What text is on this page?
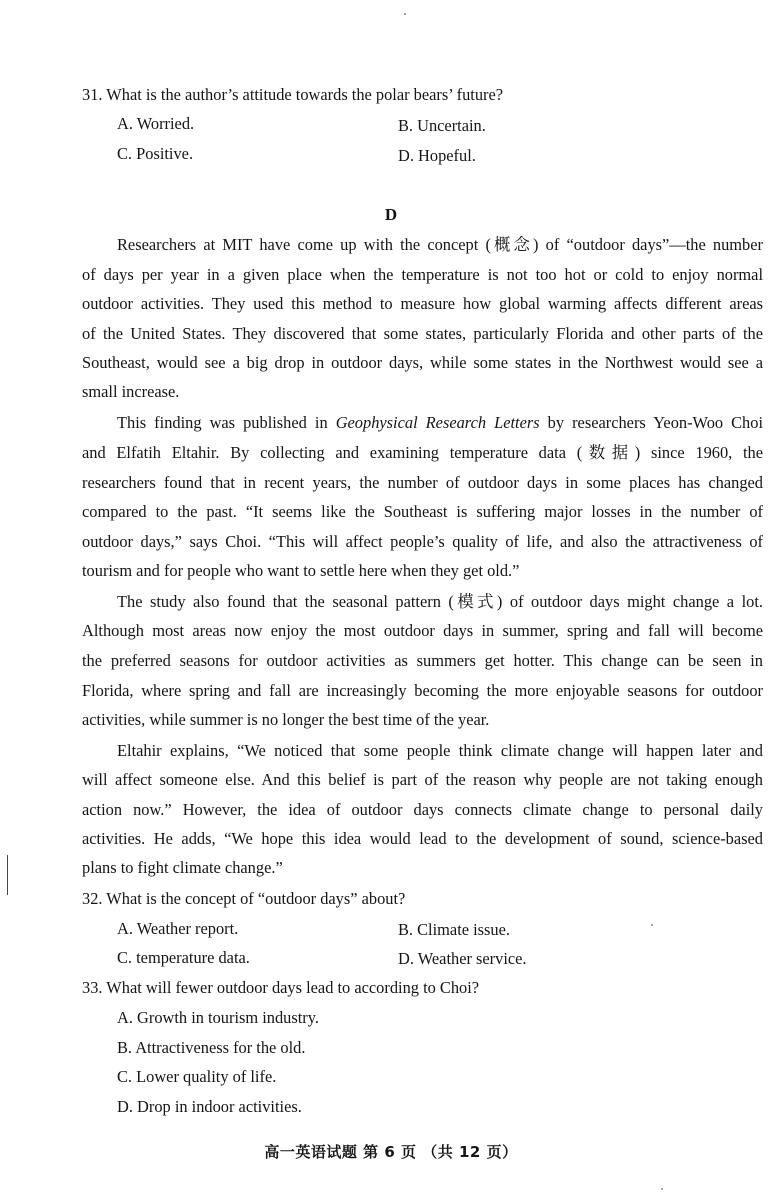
31. What is the author’s attitude towards the polar bears’ future?
A. Worried.	B. Uncertain.
C. Positive.	D. Hopeful.
D
Researchers at MIT have come up with the concept (概念) of “outdoor days”—the number
of days per year in a given place when the temperature is not too hot or cold to enjoy normal
outdoor activities. They used this method to measure how global warming affects different areas
of the United States. They discovered that some states, particularly Florida and other parts of the
Southeast, would see a big drop in outdoor days, while some states in the Northwest would see a
small increase.
This finding was published in Geophysical Research Letters by researchers Yeon-Woo Choi
and Elfatih Eltahir. By collecting and examining temperature data (数据) since 1960, the
researchers found that in recent years, the number of outdoor days in some places has changed
compared to the past. “It seems like the Southeast is suffering major losses in the number of
outdoor days,” says Choi. “This will affect people’s quality of life, and also the attractiveness of
tourism and for people who want to settle here when they get old.”
The study also found that the seasonal pattern (模式) of outdoor days might change a lot.
Although most areas now enjoy the most outdoor days in summer, spring and fall will become
the preferred seasons for outdoor activities as summers get hotter. This change can be seen in
Florida, where spring and fall are increasingly becoming the more enjoyable seasons for outdoor
activities, while summer is no longer the best time of the year.
Eltahir explains, “We noticed that some people think climate change will happen later and
will affect someone else. And this belief is part of the reason why people are not taking enough
action now.” However, the idea of outdoor days connects climate change to personal daily
activities. He adds, “We hope this idea would lead to the development of sound, science-based
plans to fight climate change.”
32. What is the concept of “outdoor days” about?
A. Weather report.	B. Climate issue.
C. temperature data.	D. Weather service.
33. What will fewer outdoor days lead to according to Choi?
A. Growth in tourism industry.
B. Attractiveness for the old.
C. Lower quality of life.
D. Drop in indoor activities.
高一英语试题 第 6 页 （共 12 页）
